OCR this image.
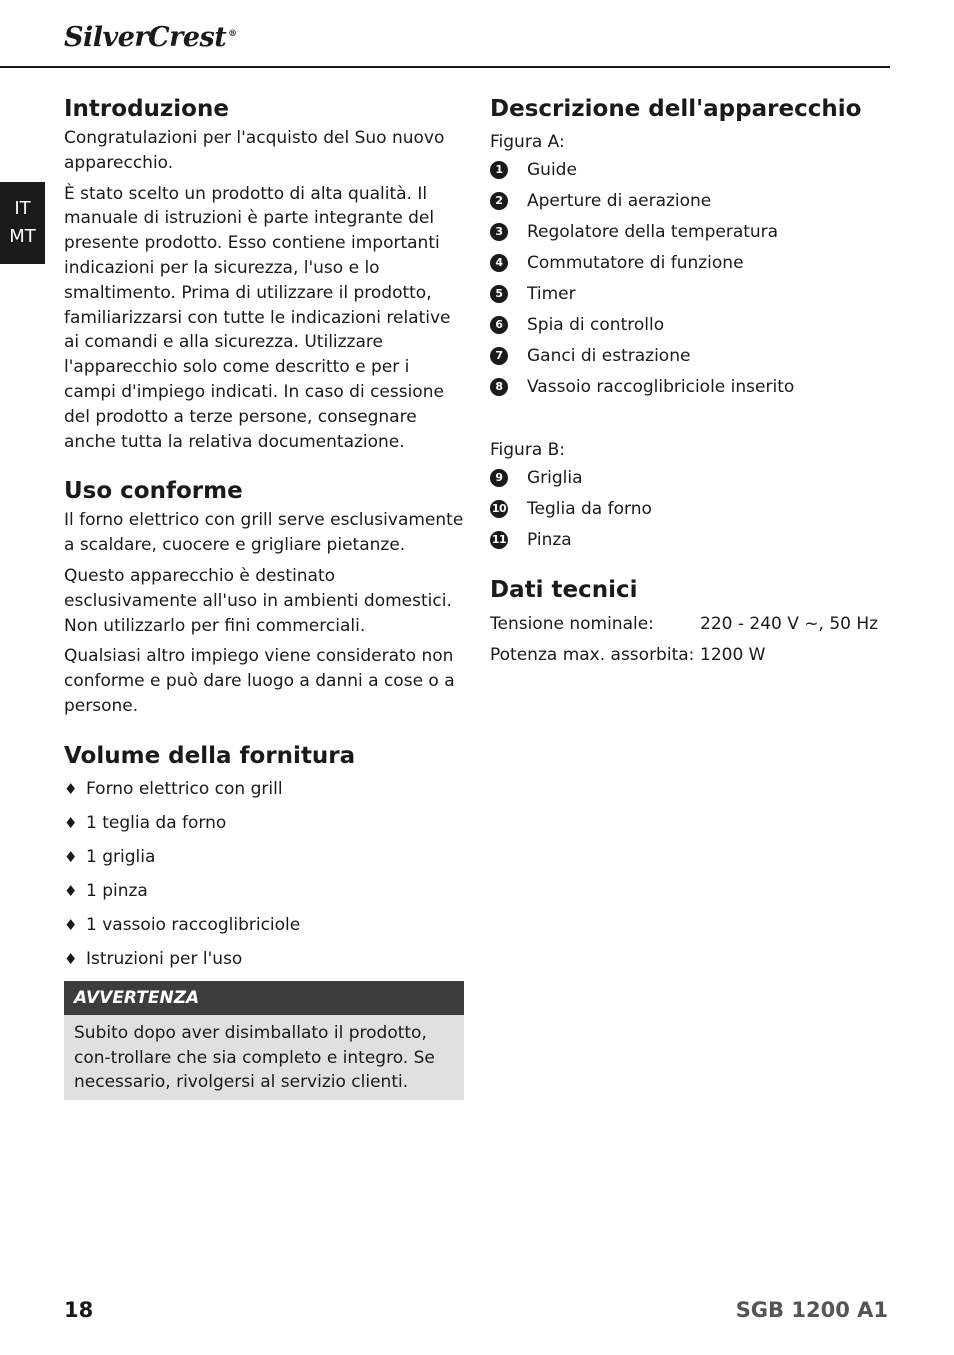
SilverCrest ®
IT
MT
Introduzione

Congratulazioni per l'acquisto del Suo nuovo apparecchio.

È stato scelto un prodotto di alta qualità. Il manuale di istruzioni è parte integrante del presente prodotto. Esso contiene importanti indicazioni per la sicurezza, l'uso e lo smaltimento. Prima di utilizzare il prodotto, familiarizzarsi con tutte le indicazioni relative ai comandi e alla sicurezza. Utilizzare l'apparecchio solo come descritto e per i campi d'impiego indicati. In caso di cessione del prodotto a terze persone, consegnare anche tutta la relativa documentazione.

Uso conforme

Il forno elettrico con grill serve esclusivamente a scaldare, cuocere e grigliare pietanze.

Questo apparecchio è destinato esclusivamente all'uso in ambienti domestici. Non utilizzarlo per fini commerciali.

Qualsiasi altro impiego viene considerato non conforme e può dare luogo a danni a cose o a persone.

Volume della fornitura
♦ Forno elettrico con grill
♦ 1 teglia da forno
♦ 1 griglia
♦ 1 pinza
♦ 1 vassoio raccoglibriciole
♦ Istruzioni per l'uso
AVVERTENZA
Subito dopo aver disimballato il prodotto, con-trollare che sia completo e integro. Se necessario, rivolgersi al servizio clienti.
Descrizione dell'apparecchio
Figura A:
1	Guide
2	Aperture di aerazione
3	Regolatore della temperatura
4	Commutatore di funzione
5	Timer
6	Spia di controllo
7	Ganci di estrazione
8	Vassoio raccoglibriciole inserito
Figura B:
9	Griglia
10 Teglia da forno
11 Pinza
Dati tecnici
Tensione nominale:	220 - 240 V ~, 50 Hz
Potenza max. assorbita: 1200 W
18	SGB 1200 A1
